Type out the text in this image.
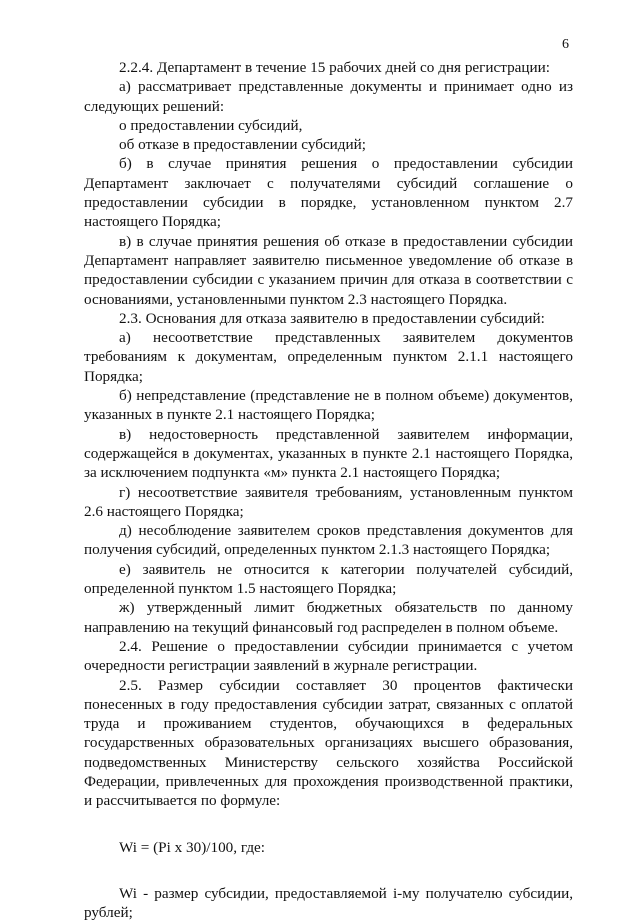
6

2.2.4. Департамент в течение 15 рабочих дней со дня регистрации:

а) рассматривает представленные документы и принимает одно из следующих решений:

о предоставлении субсидий,

об отказе в предоставлении субсидий;

б) в случае принятия решения о предоставлении субсидии Департамент заключает с получателями субсидий соглашение о предоставлении субсидии в порядке, установленном пунктом 2.7 настоящего Порядка;

в) в случае принятия решения об отказе в предоставлении субсидии Департамент направляет заявителю письменное уведомление об отказе в предоставлении субсидии с указанием причин для отказа в соответствии с основаниями, установленными пунктом 2.3 настоящего Порядка.

2.3. Основания для отказа заявителю в предоставлении субсидий:

а) несоответствие представленных заявителем документов требованиям к документам, определенным пунктом 2.1.1 настоящего Порядка;

б) непредставление (представление не в полном объеме) документов, указанных в пункте 2.1 настоящего Порядка;

в) недостоверность представленной заявителем информации, содержащейся в документах, указанных в пункте 2.1 настоящего Порядка, за исключением подпункта «м» пункта 2.1 настоящего Порядка;

г) несоответствие заявителя требованиям, установленным пунктом 2.6 настоящего Порядка;

д) несоблюдение заявителем сроков представления документов для получения субсидий, определенных пунктом 2.1.3 настоящего Порядка;

е) заявитель не относится к категории получателей субсидий, определенной пунктом 1.5 настоящего Порядка;

ж) утвержденный лимит бюджетных обязательств по данному направлению на текущий финансовый год распределен в полном объеме.

2.4. Решение о предоставлении субсидии принимается с учетом очередности регистрации заявлений в журнале регистрации.

2.5. Размер субсидии составляет 30 процентов фактически понесенных в году предоставления субсидии затрат, связанных с оплатой труда и проживанием студентов, обучающихся в федеральных государственных образовательных организациях высшего образования, подведомственных Министерству сельского хозяйства Российской Федерации, привлеченных для прохождения производственной практики, и рассчитывается по формуле:

Wi = (Pi x 30)/100, где:

Wi - размер субсидии, предоставляемой i-му получателю субсидии, рублей;
